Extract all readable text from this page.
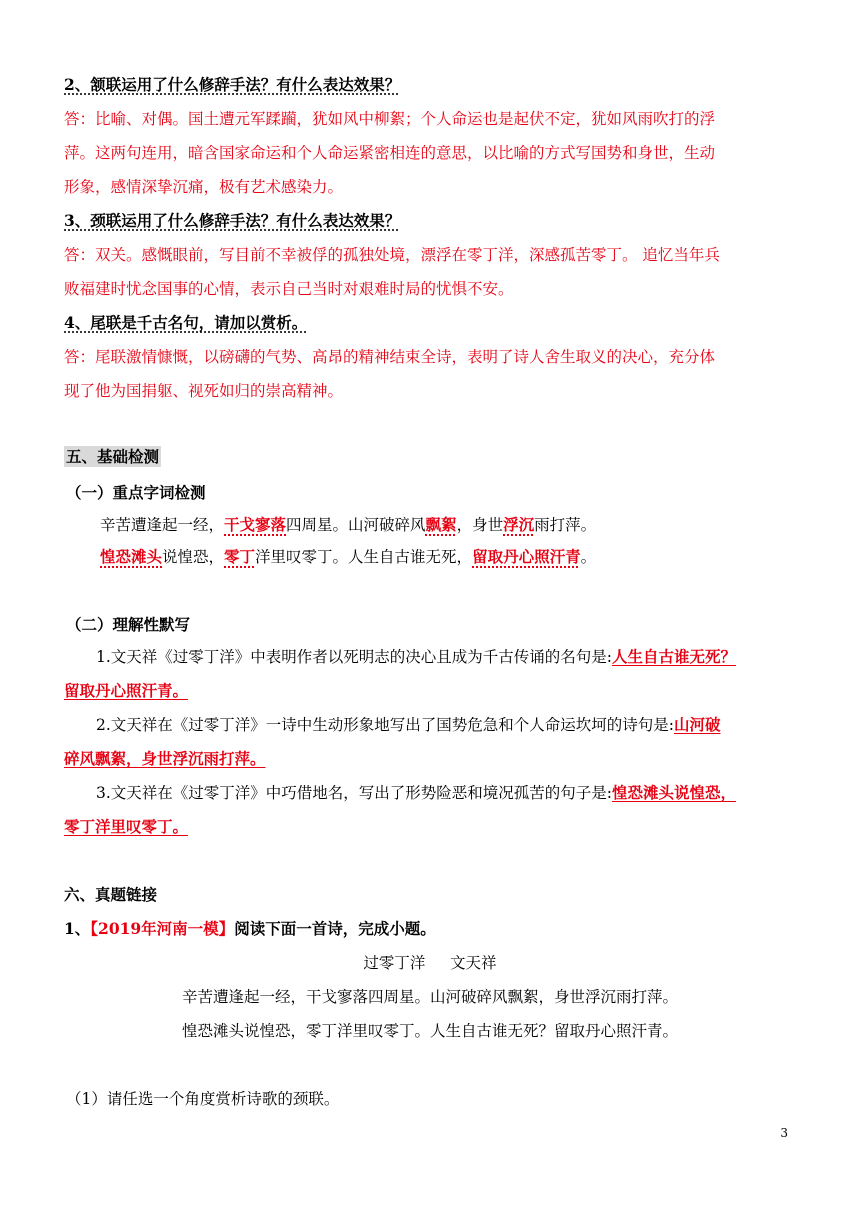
2、颔联运用了什么修辞手法？有什么表达效果？
答：比喻、对偶。国土遭元军蹂躏，犹如风中柳絮；个人命运也是起伏不定，犹如风雨吹打的浮
萍。这两句连用，暗含国家命运和个人命运紧密相连的意思，以比喻的方式写国势和身世，生动
形象，感情深挚沉痛，极有艺术感染力。
3、颈联运用了什么修辞手法？有什么表达效果？
答：双关。感慨眼前，写目前不幸被俘的孤独处境，漂浮在零丁洋，深感孤苦零丁。 追忆当年兵
败福建时忧念国事的心情，表示自己当时对艰难时局的忧惧不安。
4、尾联是千古名句，请加以赏析。
答：尾联激情慷慨，以磅礴的气势、高昂的精神结束全诗，表明了诗人舍生取义的决心，充分体
现了他为国捐躯、视死如归的崇高精神。
五、基础检测
（一）重点字词检测
辛苦遭逢起一经，干戈寥落四周星。山河破碎风飘絮，身世浮沉雨打萍。
惶恐滩头说惶恐，零丁洋里叹零丁。人生自古谁无死，留取丹心照汗青。
（二）理解性默写
1.文天祥《过零丁洋》中表明作者以死明志的决心且成为千古传诵的名句是:人生自古谁无死？
留取丹心照汗青。
2.文天祥在《过零丁洋》一诗中生动形象地写出了国势危急和个人命运坎坷的诗句是:山河破
碎风飘絮，身世浮沉雨打萍。
3.文天祥在《过零丁洋》中巧借地名，写出了形势险恶和境况孤苦的句子是:惶恐滩头说惶恐，
零丁洋里叹零丁。
六、真题链接
1、【2019年河南一模】阅读下面一首诗，完成小题。
过零丁洋     文天祥
辛苦遭逢起一经，干戈寥落四周星。山河破碎风飘絮，身世浮沉雨打萍。
惶恐滩头说惶恐，零丁洋里叹零丁。人生自古谁无死？留取丹心照汗青。
（1）请任选一个角度赏析诗歌的颈联。
3
